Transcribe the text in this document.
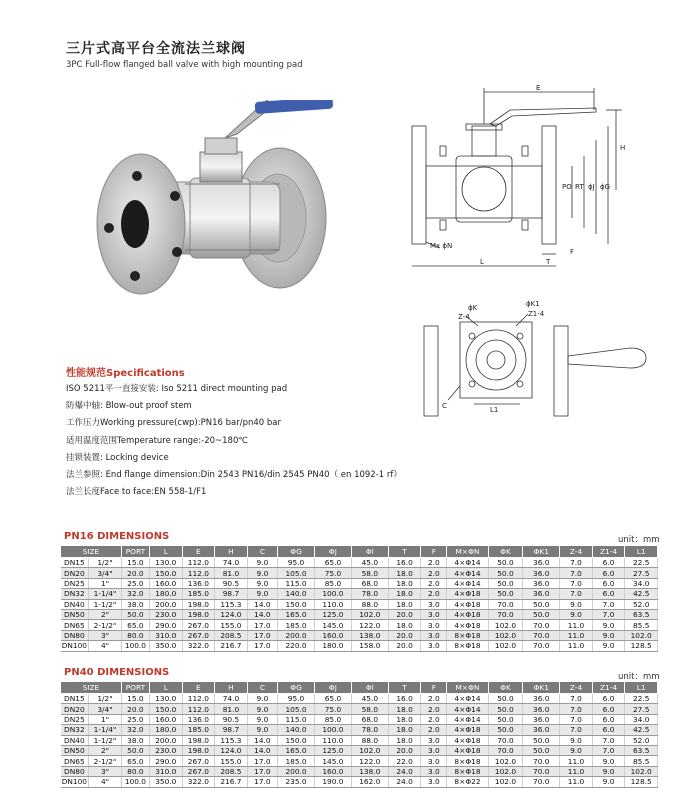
三片式高平台全流法兰球阀
3PC Full-flow flanged ball valve with high mounting pad
E
H
PO RT ϕJ ϕG
Mx ϕN
F
T
L
ϕK
Z-4
ϕK1
Z1-4
C	L1
性能规范Specifications
ISO 5211平一直接安装: Iso 5211 direct mounting pad
防爆中轴: Blow-out proof stem
工作压力Working pressure(cwp):PN16 bar/pn40 bar
适用温度范围Temperature range:-20~180℃
挂锁装置: Locking device
法兰参照: End flange dimension:Din 2543 PN16/din 2545 PN40（ en 1092-1 rf）
法兰长度Face to face:EN 558-1/F1
PN16 DIMENSIONS	unit：mm
SIZE		PORT	L	E	H	C	ΦG	ΦJ	Φl	T	F	M×ΦN	ΦK	ΦK1	Z-4	Z1-4	L1
DN15	1/2"	15.0	130.0	112.0	74.0	9.0	95.0	65.0	45.0	16.0	2.0	4×Φ14	50.0	36.0	7.0	6.0	22.5
DN20	3/4"	20.0	150.0	112.0	81.0	9.0	105.0	75.0	58.0	18.0	2.0	4×Φ14	50.0	36.0	7.0	6.0	27.5
DN25	1"	25.0	160.0	136.0	90.5	9.0	115.0	85.0	68.0	18.0	2.0	4×Φ14	50.0	36.0	7.0	6.0	34.0
DN32	1-1/4"	32.0	180.0	185.0	98.7	9.0	140.0	100.0	78.0	18.0	2.0	4×Φ18	50.0	36.0	7.0	6.0	42.5
DN40	1-1/2"	38.0	200.0	198.0	115.3	14.0	150.0	110.0	88.0	18.0	3.0	4×Φ18	70.0	50.0	9.0	7.0	52.0
DN50	2"	50.0	230.0	198.0	124.0	14.0	165.0	125.0	102.0	20.0	3.0	4×Φ18	70.0	50.0	9.0	7.0	63.5
DN65	2-1/2"	65.0	290.0	267.0	155.0	17.0	185.0	145.0	122.0	18.0	3.0	4×Φ18	102.0	70.0	11.0	9.0	85.5
DN80	3"	80.0	310.0	267.0	208.5	17.0	200.0	160.0	138.0	20.0	3.0	8×Φ18	102.0	70.0	11.0	9.0	102.0
DN100	4"	100.0	350.0	322.0	216.7	17.0	220.0	180.0	158.0	20.0	3.0	8×Φ18	102.0	70.0	11.0	9.0	128.5
PN40 DIMENSIONS	unit：mm
SIZE		PORT	L	E	H	C	ΦG	ΦJ	Φl	T	F	M×ΦN	ΦK	ΦK1	Z-4	Z1-4	L1
DN15	1/2"	15.0	130.0	112.0	74.0	9.0	95.0	65.0	45.0	16.0	2.0	4×Φ14	50.0	36.0	7.0	6.0	22.5
DN20	3/4"	20.0	150.0	112.0	81.0	9.0	105.0	75.0	58.0	18.0	2.0	4×Φ14	50.0	36.0	7.0	6.0	27.5
DN25	1"	25.0	160.0	136.0	90.5	9.0	115.0	85.0	68.0	18.0	2.0	4×Φ14	50.0	36.0	7.0	6.0	34.0
DN32	1-1/4"	32.0	180.0	185.0	98.7	9.0	140.0	100.0	78.0	18.0	2.0	4×Φ18	50.0	36.0	7.0	6.0	42.5
DN40	1-1/2"	38.0	200.0	198.0	115.3	14.0	150.0	110.0	88.0	18.0	3.0	4×Φ18	70.0	50.0	9.0	7.0	52.0
DN50	2"	50.0	230.0	198.0	124.0	14.0	165.0	125.0	102.0	20.0	3.0	4×Φ18	70.0	50.0	9.0	7.0	63.5
DN65	2-1/2"	65.0	290.0	267.0	155.0	17.0	185.0	145.0	122.0	22.0	3.0	8×Φ18	102.0	70.0	11.0	9.0	85.5
DN80	3"	80.0	310.0	267.0	208.5	17.0	200.0	160.0	138.0	24.0	3.0	8×Φ18	102.0	70.0	11.0	9.0	102.0
DN100	4"	100.0	350.0	322.0	216.7	17.0	235.0	190.0	162.0	24.0	3.0	8×Φ22	102.0	70.0	11.0	9.0	128.5
